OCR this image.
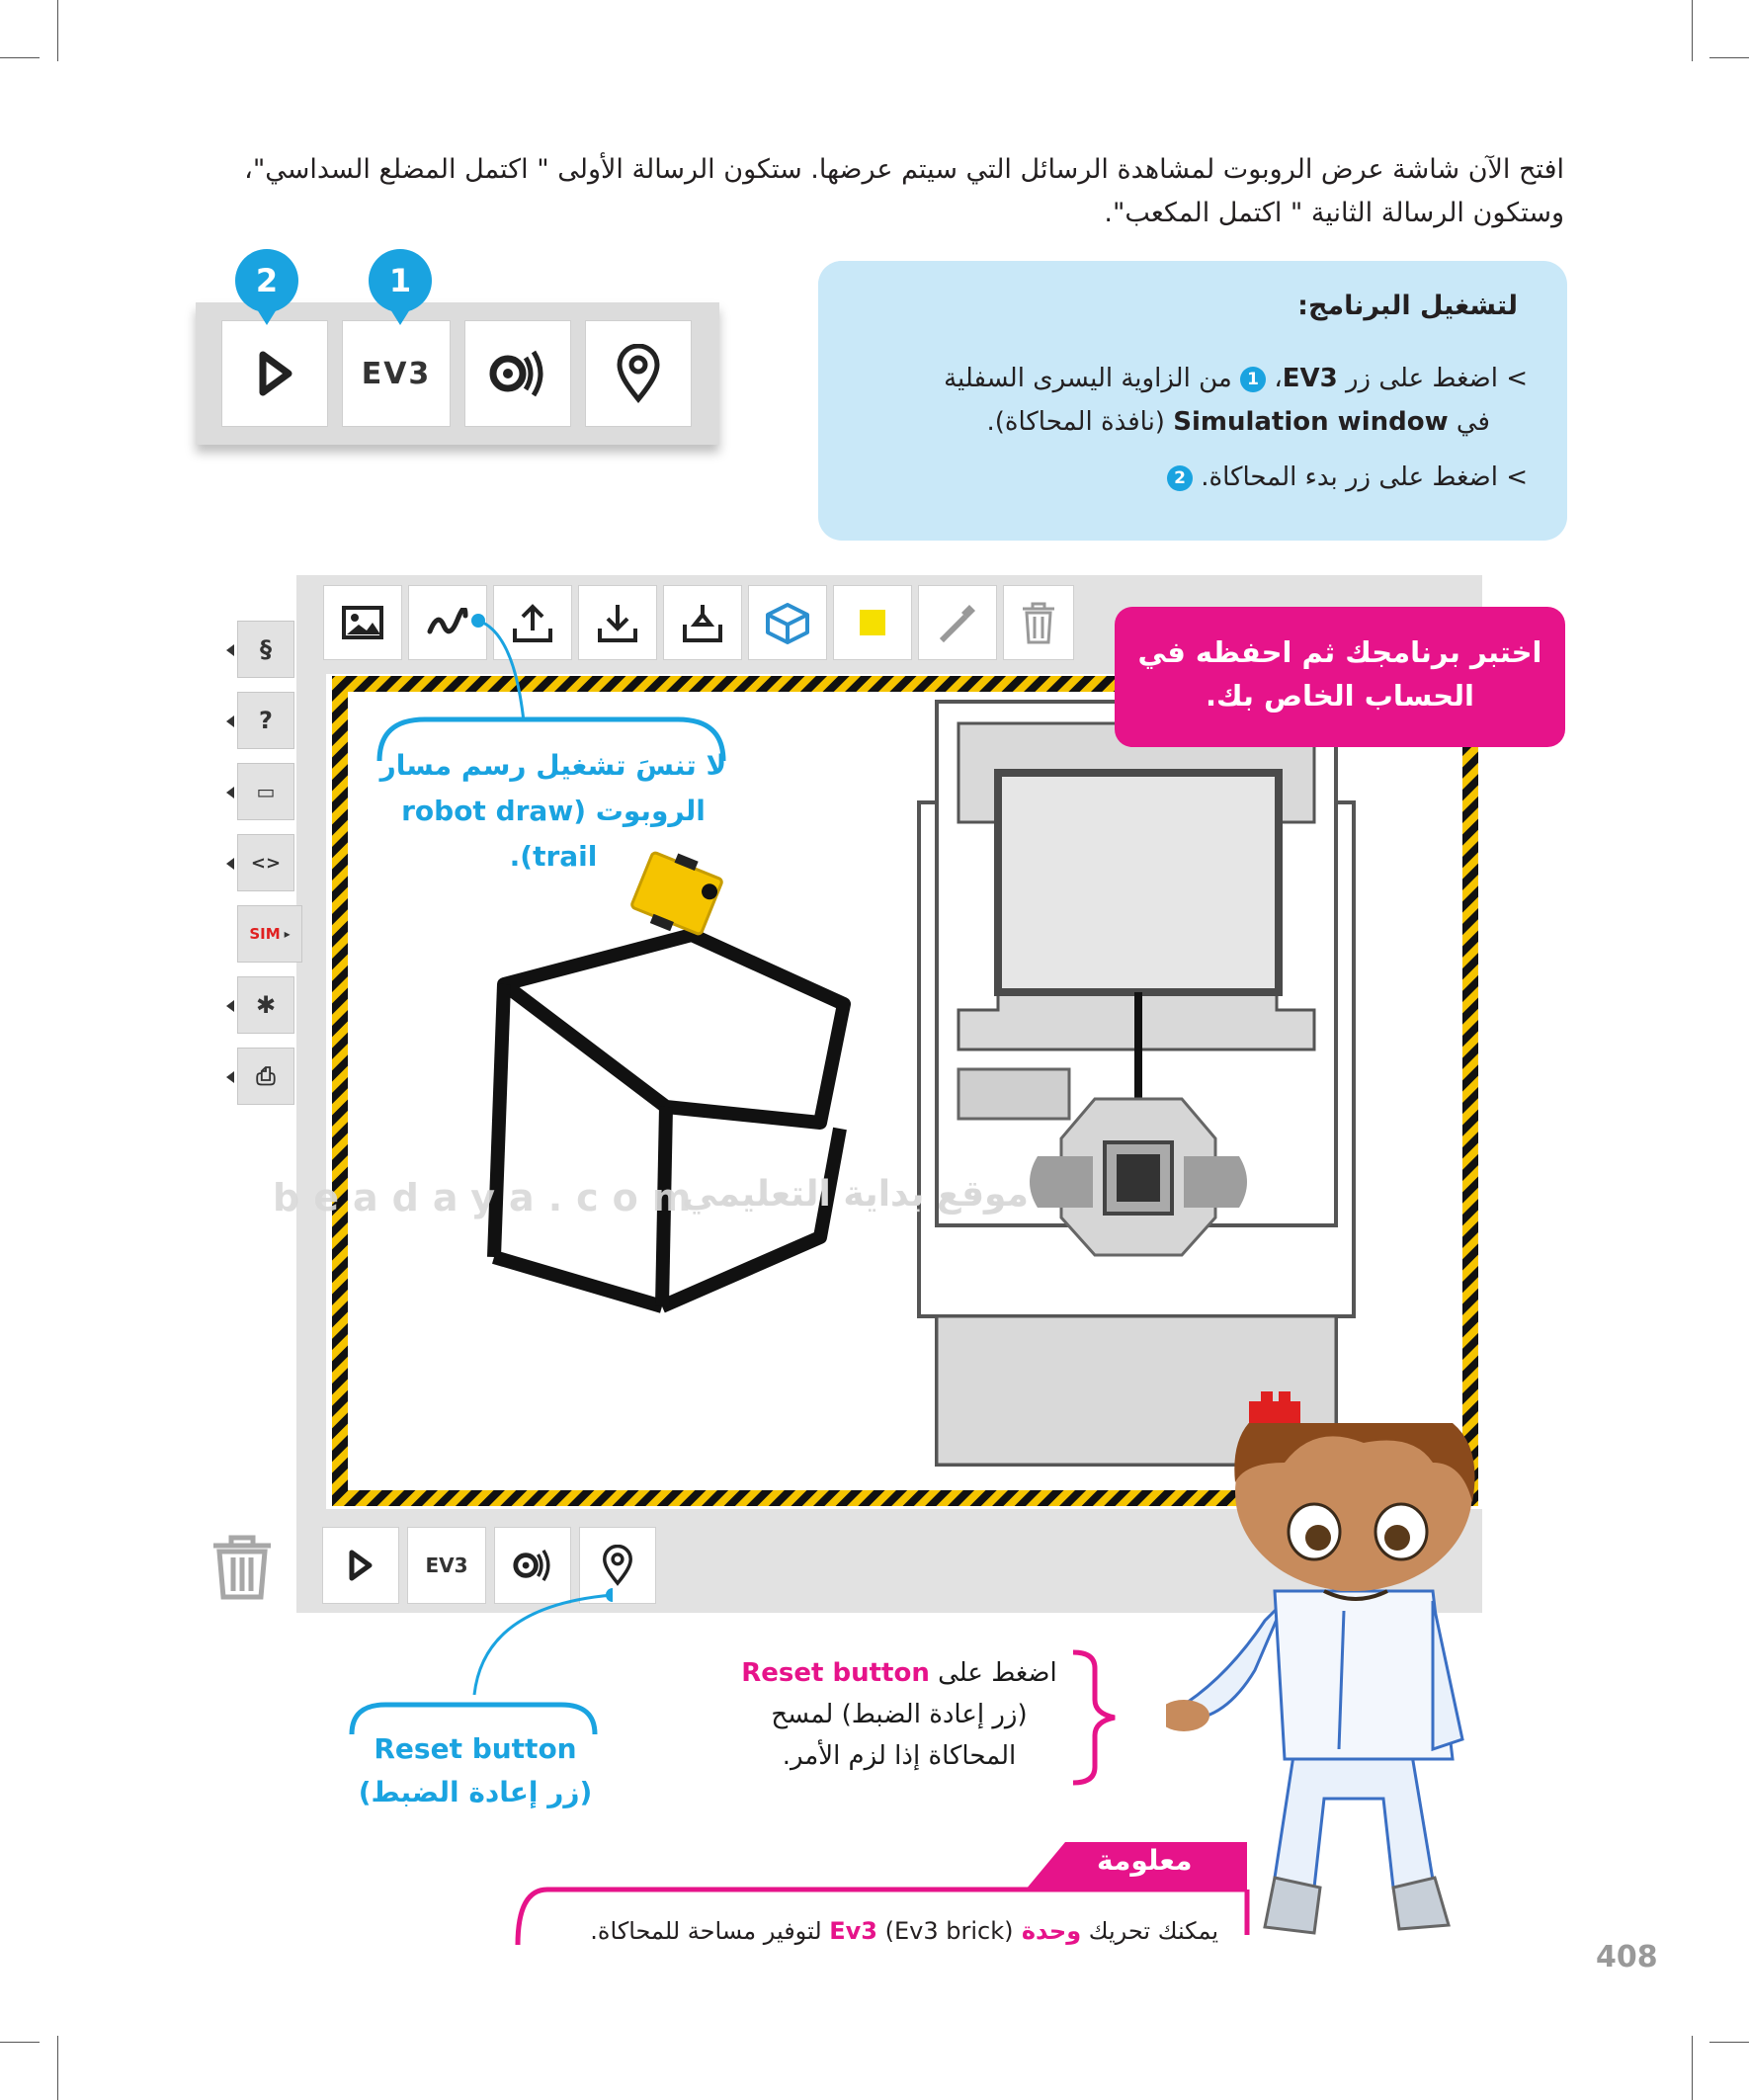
افتح الآن شاشة عرض الروبوت لمشاهدة الرسائل التي سيتم عرضها. ستكون الرسالة الأولى " اكتمل المضلع السداسي"،
وستكون الرسالة الثانية " اكتمل المكعب".
EV3
2	1
لتشغيل البرنامج:
> اضغط على زر EV3، 1 من الزاوية اليسرى السفلية
في Simulation window (نافذة المحاكاة).
> اضغط على زر بدء المحاكاة. 2
§
?
▭
<>
SIM ▸
✱
⎙
beadaya.com
موقع بداية التعليمي
اختبر برنامجك ثم احفظه في
الحساب الخاص بك.
لا تنسَ تشغيل رسم مسار
الروبوت (robot draw
trail).
EV3
Reset button
(زر إعادة الضبط)
اضغط على Reset button
(زر إعادة الضبط) لمسح
المحاكاة إذا لزم الأمر.
معلومة
يمكنك تحريك وحدة Ev3 (Ev3 brick) لتوفير مساحة للمحاكاة.
408
